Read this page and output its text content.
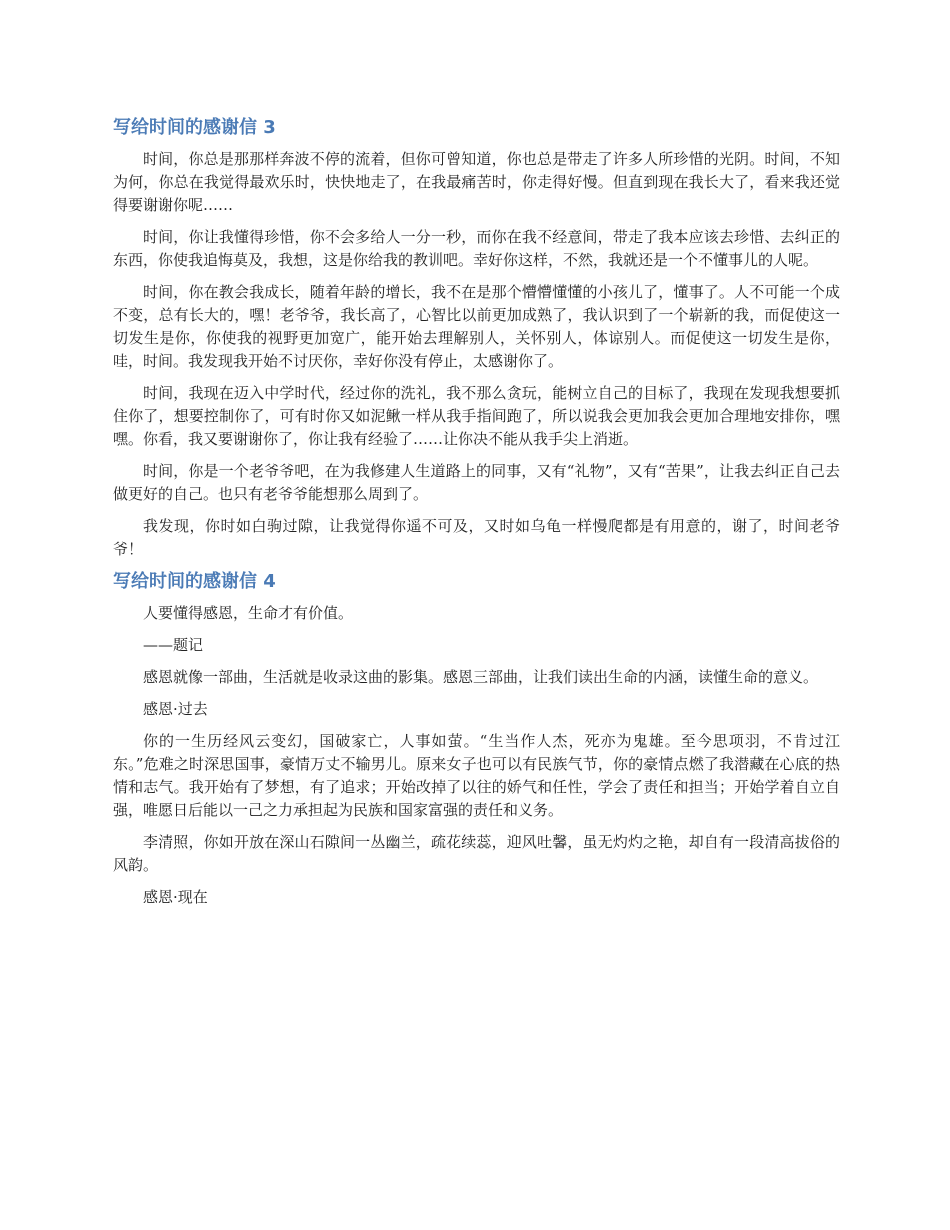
写给时间的感谢信 3

时间，你总是那那样奔波不停的流着，但你可曾知道，你也总是带走了许多人所珍惜的光阴。时间，不知为何，你总在我觉得最欢乐时，快快地走了，在我最痛苦时，你走得好慢。但直到现在我长大了，看来我还觉得要谢谢你呢……

时间，你让我懂得珍惜，你不会多给人一分一秒，而你在我不经意间，带走了我本应该去珍惜、去纠正的东西，你使我追悔莫及，我想，这是你给我的教训吧。幸好你这样，不然，我就还是一个不懂事儿的人呢。

时间，你在教会我成长，随着年龄的增长，我不在是那个懵懵懂懂的小孩儿了，懂事了。人不可能一个成不变，总有长大的，嘿！老爷爷，我长高了，心智比以前更加成熟了，我认识到了一个崭新的我，而促使这一切发生是你，你使我的视野更加宽广，能开始去理解别人，关怀别人，体谅别人。而促使这一切发生是你，哇，时间。我发现我开始不讨厌你，幸好你没有停止，太感谢你了。

时间，我现在迈入中学时代，经过你的洗礼，我不那么贪玩，能树立自己的目标了，我现在发现我想要抓住你了，想要控制你了，可有时你又如泥鳅一样从我手指间跑了，所以说我会更加我会更加合理地安排你，嘿嘿。你看，我又要谢谢你了，你让我有经验了……让你决不能从我手尖上消逝。

时间，你是一个老爷爷吧，在为我修建人生道路上的同事，又有“礼物”，又有“苦果”，让我去纠正自己去做更好的自己。也只有老爷爷能想那么周到了。

我发现，你时如白驹过隙，让我觉得你遥不可及，又时如乌龟一样慢爬都是有用意的，谢了，时间老爷爷！

写给时间的感谢信 4

人要懂得感恩，生命才有价值。

——题记

感恩就像一部曲，生活就是收录这曲的影集。感恩三部曲，让我们读出生命的内涵，读懂生命的意义。

感恩·过去

你的一生历经风云变幻，国破家亡，人事如萤。“生当作人杰，死亦为鬼雄。至今思项羽，不肯过江东。”危难之时深思国事，豪情万丈不输男儿。原来女子也可以有民族气节，你的豪情点燃了我潜藏在心底的热情和志气。我开始有了梦想，有了追求；开始改掉了以往的娇气和任性，学会了责任和担当；开始学着自立自强，唯愿日后能以一己之力承担起为民族和国家富强的责任和义务。

李清照，你如开放在深山石隙间一丛幽兰，疏花续蕊，迎风吐馨，虽无灼灼之艳，却自有一段清高拔俗的风韵。

感恩·现在
